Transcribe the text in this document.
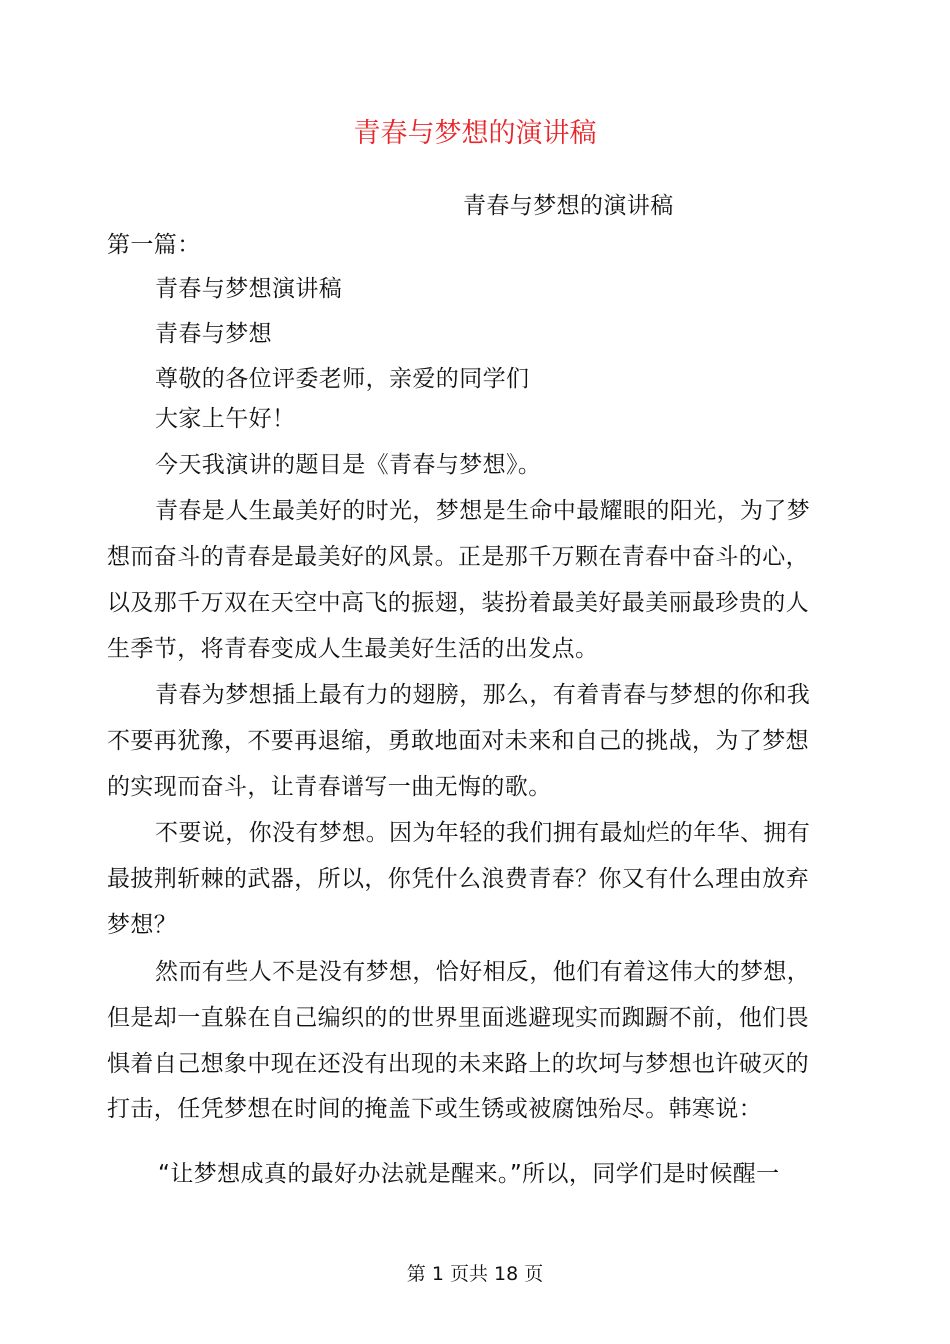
青春与梦想的演讲稿
青春与梦想的演讲稿
第一篇：
青春与梦想演讲稿
青春与梦想
尊敬的各位评委老师，亲爱的同学们
大家上午好！
今天我演讲的题目是《青春与梦想》。
青春是人生最美好的时光，梦想是生命中最耀眼的阳光，为了梦
想而奋斗的青春是最美好的风景。正是那千万颗在青春中奋斗的心，
以及那千万双在天空中高飞的振翅，装扮着最美好最美丽最珍贵的人
生季节，将青春变成人生最美好生活的出发点。
青春为梦想插上最有力的翅膀，那么，有着青春与梦想的你和我
不要再犹豫，不要再退缩，勇敢地面对未来和自己的挑战，为了梦想
的实现而奋斗，让青春谱写一曲无悔的歌。
不要说，你没有梦想。因为年轻的我们拥有最灿烂的年华、拥有
最披荆斩棘的武器，所以，你凭什么浪费青春？你又有什么理由放弃
梦想？
然而有些人不是没有梦想，恰好相反，他们有着这伟大的梦想，
但是却一直躲在自己编织的的世界里面逃避现实而踟蹰不前，他们畏
惧着自己想象中现在还没有出现的未来路上的坎坷与梦想也许破灭的
打击，任凭梦想在时间的掩盖下或生锈或被腐蚀殆尽。韩寒说：
“让梦想成真的最好办法就是醒来。”所以，同学们是时候醒一
第 1 页共 18 页
